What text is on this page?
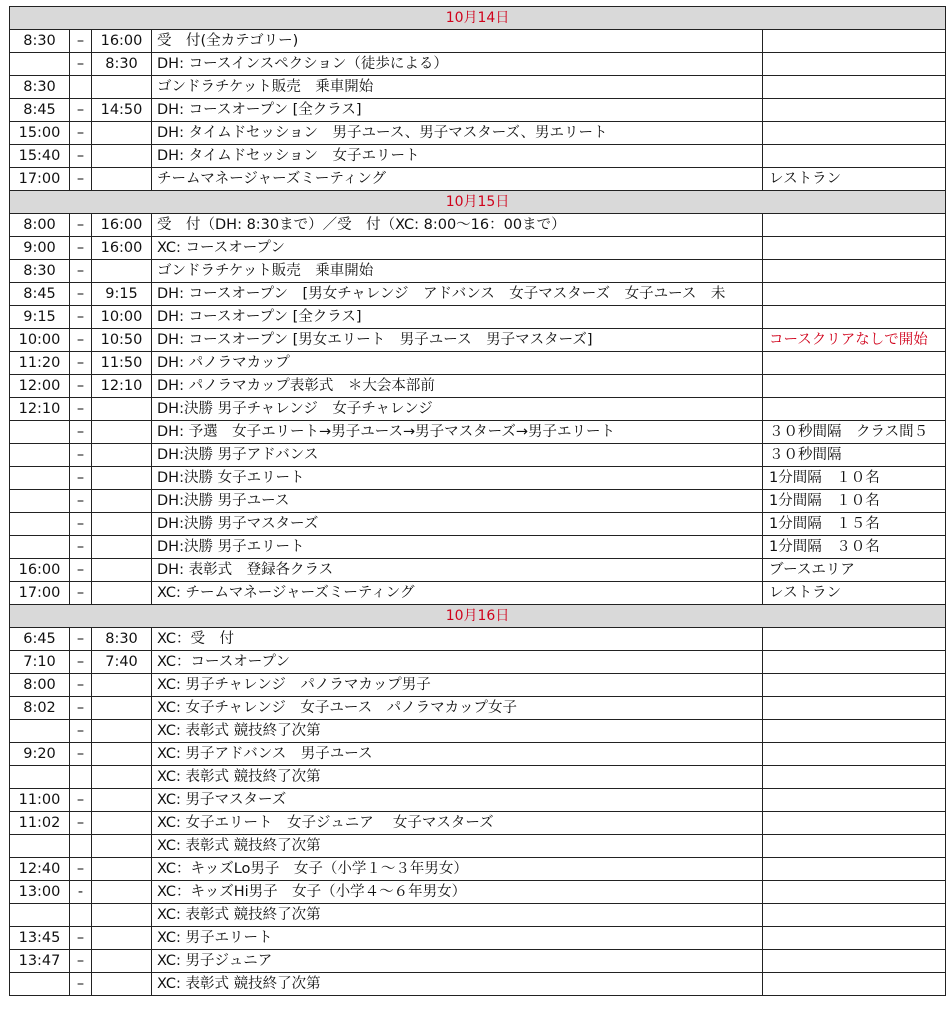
10月14日				
8:30	–	16:00	受　付(全カテゴリー)	
	–	8:30	DH: コースインスペクション（徒歩による）	
8:30			ゴンドラチケット販売　乗車開始	
8:45	–	14:50	DH: コースオープン [全クラス]	
15:00	–		DH: タイムドセッション　男子ユース、男子マスターズ、男エリート	
15:40	–		DH: タイムドセッション　女子エリート	
17:00	–		チームマネージャーズミーティング	レストラン
10月15日				
8:00	–	16:00	受　付（DH: 8:30まで）／受　付（XC: 8:00〜16：00まで）	
9:00	–	16:00	XC: コースオープン	
8:30	–		ゴンドラチケット販売　乗車開始	
8:45	–	9:15	DH: コースオープン　[男女チャレンジ　アドバンス　女子マスターズ　女子ユース　未	
9:15	–	10:00	DH: コースオープン [全クラス]	
10:00	–	10:50	DH: コースオープン [男女エリート　男子ユース　男子マスターズ]	コースクリアなしで開始
11:20	–	11:50	DH: パノラマカップ	
12:00	–	12:10	DH: パノラマカップ表彰式　＊大会本部前	
12:10	–		DH:決勝 男子チャレンジ　女子チャレンジ	
	–		DH: 予選　女子エリート→男子ユース→男子マスターズ→男子エリート	３０秒間隔　クラス間５
	–		DH:決勝 男子アドバンス	３０秒間隔
	–		DH:決勝 女子エリート	1分間隔　１０名
	–		DH:決勝 男子ユース	1分間隔　１０名
	–		DH:決勝 男子マスターズ	1分間隔　１５名
	–		DH:決勝 男子エリート	1分間隔　３０名
16:00	–		DH: 表彰式　登録各クラス	ブースエリア
17:00	–		XC: チームマネージャーズミーティング	レストラン
10月16日				
6:45	–	8:30	XC：受　付	
7:10	–	7:40	XC：コースオープン	
8:00	–		XC: 男子チャレンジ　パノラマカップ男子	
8:02	–		XC: 女子チャレンジ　女子ユース　パノラマカップ女子	
	–		XC: 表彰式 競技終了次第	
9:20	–		XC: 男子アドバンス　男子ユース	
			XC: 表彰式 競技終了次第	
11:00	–		XC: 男子マスターズ	
11:02	–		XC: 女子エリート　女子ジュニア　 女子マスターズ	
			XC: 表彰式 競技終了次第	
12:40	–		XC：キッズLo男子　女子（小学１〜３年男女）	
13:00	-		XC：キッズHi男子　女子（小学４〜６年男女）	
			XC: 表彰式 競技終了次第	
13:45	–		XC: 男子エリート	
13:47	–		XC: 男子ジュニア	
	–		XC: 表彰式 競技終了次第	
